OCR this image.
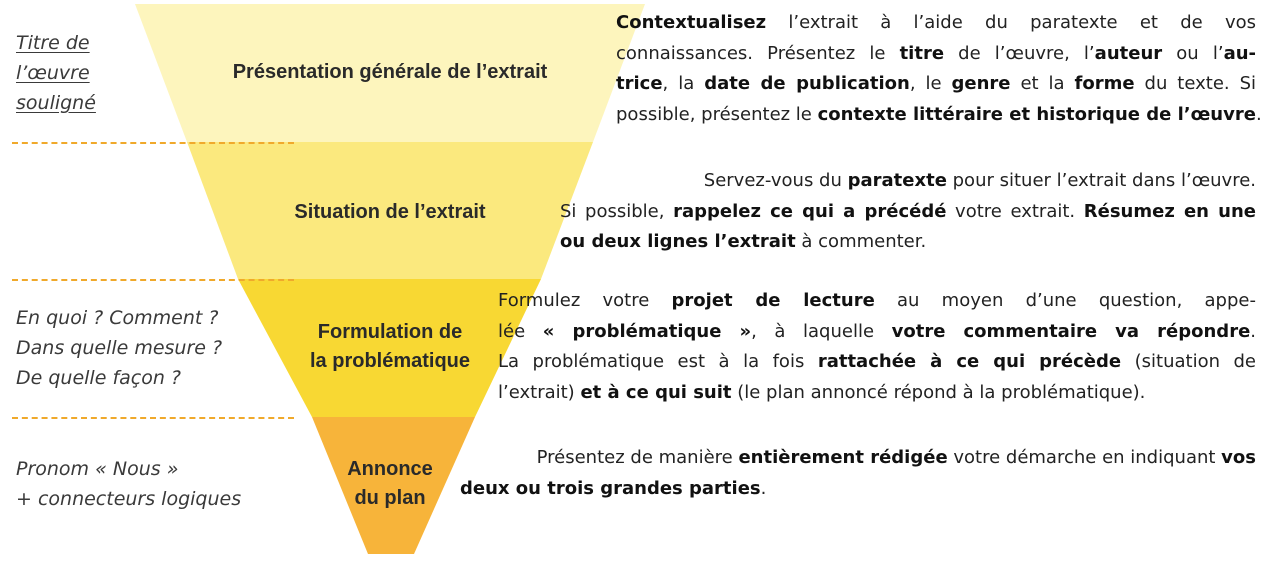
Titre de
l’œuvre
souligné
En quoi ? Comment ?
Dans quelle mesure ?
De quelle façon ?
Pronom « Nous »
+ connecteurs logiques
Présentation générale de l’extrait
Situation de l’extrait
Formulation de
la problématique
Annonce
du plan
Contextualisez l’extrait à l’aide du paratexte et de vos
connaissances. Présentez le titre de l’œuvre, l’auteur ou l’au-
trice, la date de publication, le genre et la forme du texte. Si
possible, présentez le contexte littéraire et historique de l’œuvre.
Servez-vous du paratexte pour situer l’extrait dans l’œuvre.
Si possible, rappelez ce qui a précédé votre extrait. Résumez en une
ou deux lignes l’extrait à commenter.
Formulez votre projet de lecture au moyen d’une question, appe-
lée « problématique », à laquelle votre commentaire va répondre.
La problématique est à la fois rattachée à ce qui précède (situation de
l’extrait) et à ce qui suit (le plan annoncé répond à la problématique).
Présentez de manière entièrement rédigée votre démarche en indiquant vos
deux ou trois grandes parties.
